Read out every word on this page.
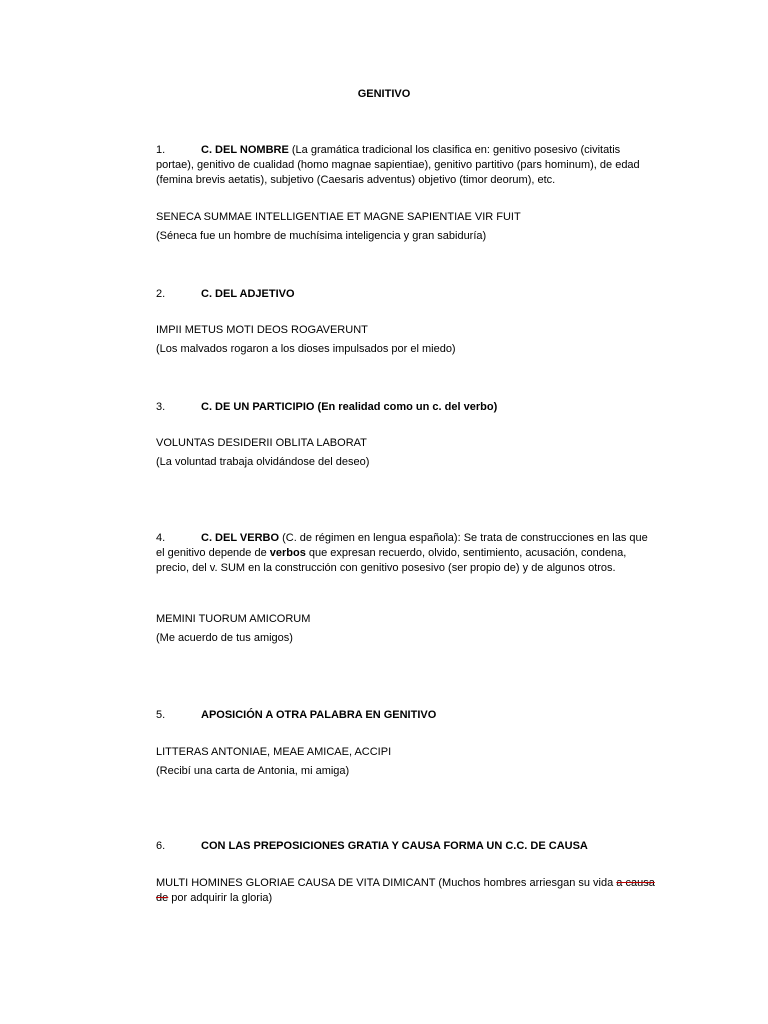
GENITIVO
1.	C. DEL NOMBRE (La gramática tradicional los clasifica en: genitivo posesivo (civitatis portae), genitivo de cualidad (homo magnae sapientiae), genitivo partitivo (pars hominum), de edad (femina brevis aetatis), subjetivo (Caesaris adventus) objetivo (timor deorum), etc.
SENECA SUMMAE INTELLIGENTIAE ET MAGNE SAPIENTIAE VIR FUIT
(Séneca fue un hombre de muchísima inteligencia y gran sabiduría)
2.	C. DEL ADJETIVO
IMPII METUS MOTI DEOS ROGAVERUNT
(Los malvados rogaron a los dioses impulsados por el miedo)
3.	C. DE UN PARTICIPIO (En realidad como un c. del verbo)
VOLUNTAS DESIDERII OBLITA LABORAT
(La voluntad trabaja olvidándose del deseo)
4.	C. DEL VERBO (C. de régimen en lengua española): Se trata de construcciones en las que el genitivo depende de verbos que expresan recuerdo, olvido, sentimiento, acusación, condena, precio, del v. SUM en la construcción con genitivo posesivo (ser propio de) y de algunos otros.
MEMINI TUORUM AMICORUM
(Me acuerdo de tus amigos)
5.	APOSICIÓN A OTRA PALABRA EN GENITIVO
LITTERAS ANTONIAE, MEAE AMICAE, ACCIPI
(Recibí una carta de Antonia, mi amiga)
6.	CON LAS PREPOSICIONES GRATIA Y CAUSA FORMA UN C.C. DE CAUSA
MULTI HOMINES GLORIAE CAUSA DE VITA DIMICANT (Muchos hombres arriesgan su vida a causa de por adquirir la gloria)
